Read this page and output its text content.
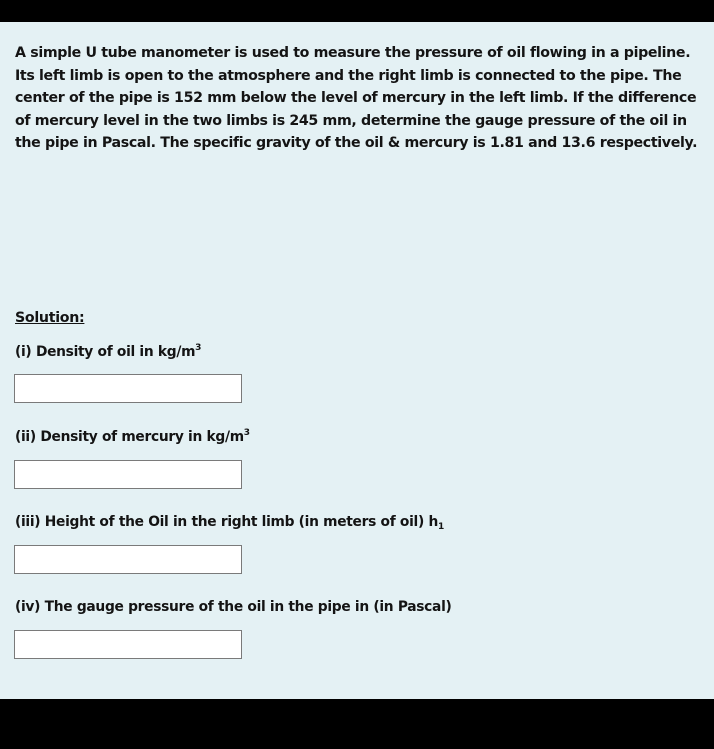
A simple U tube manometer is used to measure the pressure of oil flowing in a pipeline. Its left limb is open to the atmosphere and the right limb is connected to the pipe. The center of the pipe is 152 mm below the level of mercury in the left limb. If the difference of mercury level in the two limbs is 245 mm, determine the gauge pressure of the oil in the pipe in Pascal. The specific gravity of the oil & mercury is 1.81 and 13.6 respectively.

Solution:

(i) Density of oil in $kg/m^3$

(ii) Density of mercury in $kg/m^3$

(iii) Height of the Oil in the right limb (in meters of oil) $h_1$

(iv) The gauge pressure of the oil in the pipe in (in Pascal)
